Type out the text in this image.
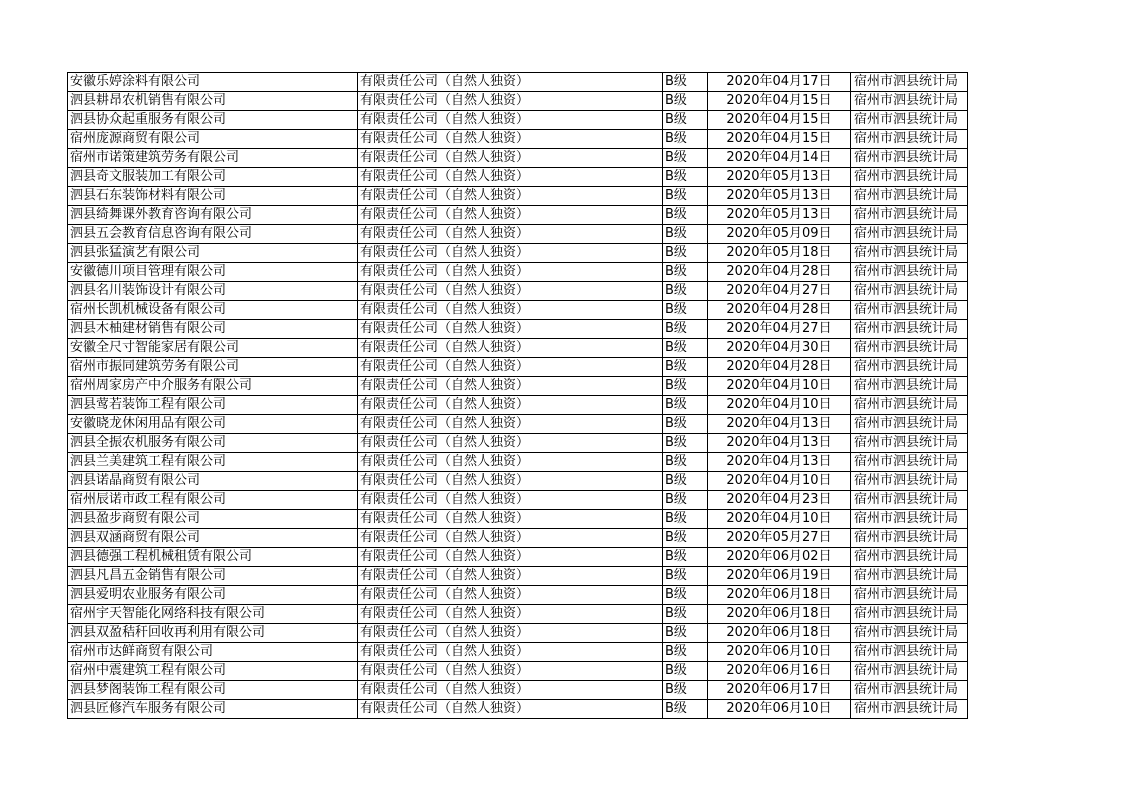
安徽乐婷涂料有限公司	有限责任公司（自然人独资）	B级	2020年04月17日	宿州市泗县统计局
泗县耕昂农机销售有限公司	有限责任公司（自然人独资）	B级	2020年04月15日	宿州市泗县统计局
泗县协众起重服务有限公司	有限责任公司（自然人独资）	B级	2020年04月15日	宿州市泗县统计局
宿州庞源商贸有限公司	有限责任公司（自然人独资）	B级	2020年04月15日	宿州市泗县统计局
宿州市诺策建筑劳务有限公司	有限责任公司（自然人独资）	B级	2020年04月14日	宿州市泗县统计局
泗县奇文服装加工有限公司	有限责任公司（自然人独资）	B级	2020年05月13日	宿州市泗县统计局
泗县石东装饰材料有限公司	有限责任公司（自然人独资）	B级	2020年05月13日	宿州市泗县统计局
泗县绮舞课外教育咨询有限公司	有限责任公司（自然人独资）	B级	2020年05月13日	宿州市泗县统计局
泗县五会教育信息咨询有限公司	有限责任公司（自然人独资）	B级	2020年05月09日	宿州市泗县统计局
泗县张猛演艺有限公司	有限责任公司（自然人独资）	B级	2020年05月18日	宿州市泗县统计局
安徽德川项目管理有限公司	有限责任公司（自然人独资）	B级	2020年04月28日	宿州市泗县统计局
泗县名川装饰设计有限公司	有限责任公司（自然人独资）	B级	2020年04月27日	宿州市泗县统计局
宿州长凯机械设备有限公司	有限责任公司（自然人独资）	B级	2020年04月28日	宿州市泗县统计局
泗县木柚建材销售有限公司	有限责任公司（自然人独资）	B级	2020年04月27日	宿州市泗县统计局
安徽全尺寸智能家居有限公司	有限责任公司（自然人独资）	B级	2020年04月30日	宿州市泗县统计局
宿州市振同建筑劳务有限公司	有限责任公司（自然人独资）	B级	2020年04月28日	宿州市泗县统计局
宿州周家房产中介服务有限公司	有限责任公司（自然人独资）	B级	2020年04月10日	宿州市泗县统计局
泗县莺若装饰工程有限公司	有限责任公司（自然人独资）	B级	2020年04月10日	宿州市泗县统计局
安徽晓龙休闲用品有限公司	有限责任公司（自然人独资）	B级	2020年04月13日	宿州市泗县统计局
泗县全振农机服务有限公司	有限责任公司（自然人独资）	B级	2020年04月13日	宿州市泗县统计局
泗县兰美建筑工程有限公司	有限责任公司（自然人独资）	B级	2020年04月13日	宿州市泗县统计局
泗县诺晶商贸有限公司	有限责任公司（自然人独资）	B级	2020年04月10日	宿州市泗县统计局
宿州辰诺市政工程有限公司	有限责任公司（自然人独资）	B级	2020年04月23日	宿州市泗县统计局
泗县盈步商贸有限公司	有限责任公司（自然人独资）	B级	2020年04月10日	宿州市泗县统计局
泗县双涵商贸有限公司	有限责任公司（自然人独资）	B级	2020年05月27日	宿州市泗县统计局
泗县德强工程机械租赁有限公司	有限责任公司（自然人独资）	B级	2020年06月02日	宿州市泗县统计局
泗县凡昌五金销售有限公司	有限责任公司（自然人独资）	B级	2020年06月19日	宿州市泗县统计局
泗县爱明农业服务有限公司	有限责任公司（自然人独资）	B级	2020年06月18日	宿州市泗县统计局
宿州宇天智能化网络科技有限公司	有限责任公司（自然人独资）	B级	2020年06月18日	宿州市泗县统计局
泗县双盈秸秆回收再利用有限公司	有限责任公司（自然人独资）	B级	2020年06月18日	宿州市泗县统计局
宿州市达鲜商贸有限公司	有限责任公司（自然人独资）	B级	2020年06月10日	宿州市泗县统计局
宿州中震建筑工程有限公司	有限责任公司（自然人独资）	B级	2020年06月16日	宿州市泗县统计局
泗县梦阁装饰工程有限公司	有限责任公司（自然人独资）	B级	2020年06月17日	宿州市泗县统计局
泗县匠修汽车服务有限公司	有限责任公司（自然人独资）	B级	2020年06月10日	宿州市泗县统计局
